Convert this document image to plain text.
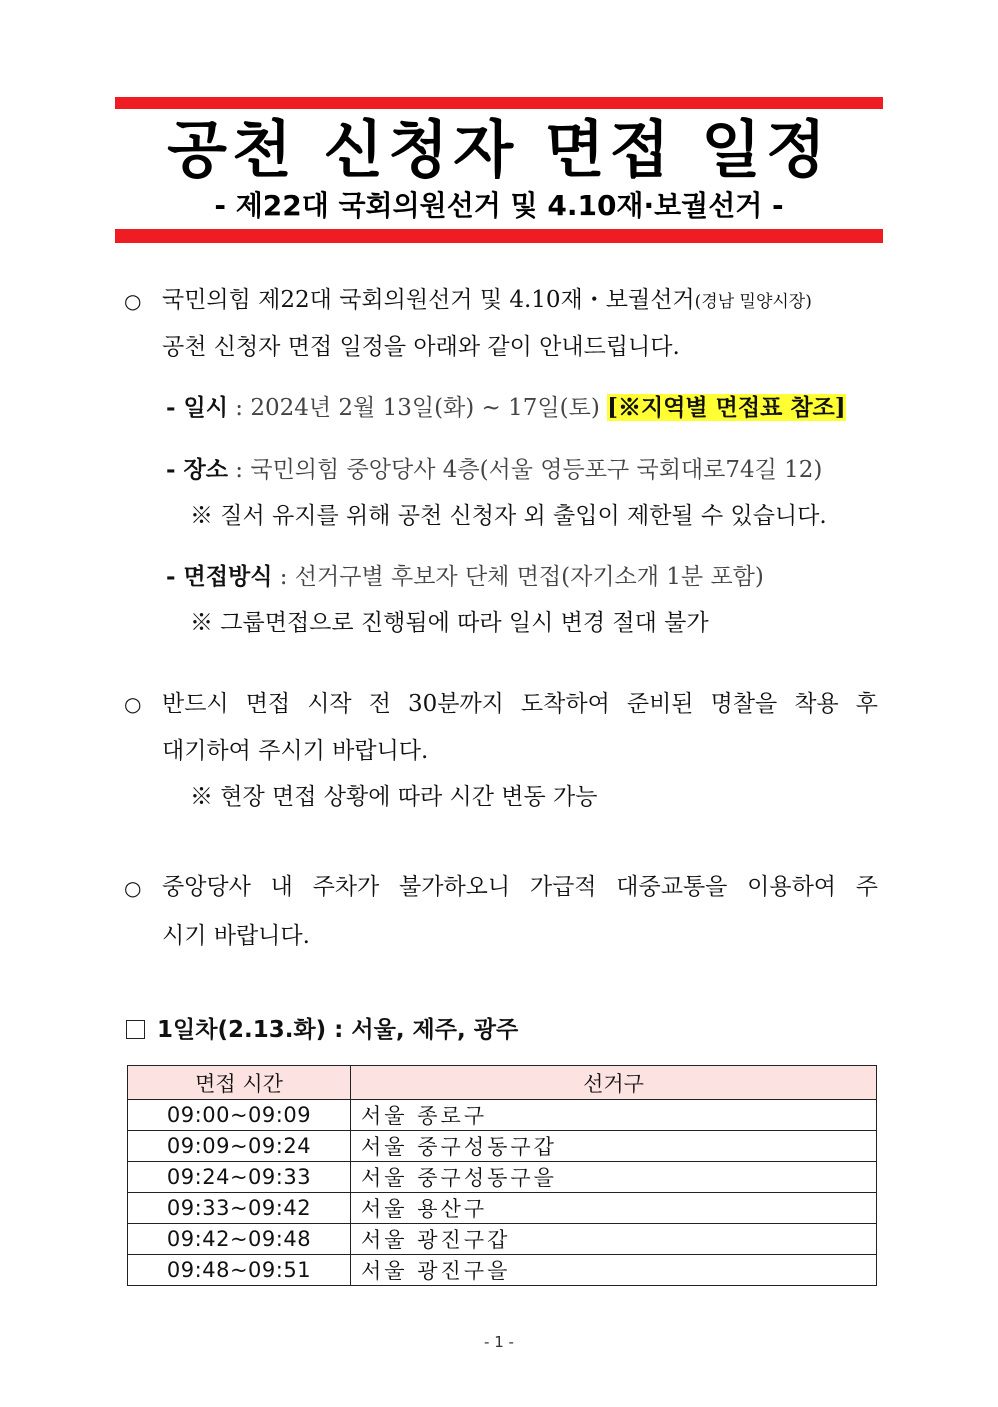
공천 신청자 면접 일정
- 제22대 국회의원선거 및 4.10재·보궐선거 -
○ 국민의힘 제22대 국회의원선거 및 4.10재・보궐선거(경남 밀양시장)
공천 신청자 면접 일정을 아래와 같이 안내드립니다.
- 일시 : 2024년 2월 13일(화) ~ 17일(토) [※지역별 면접표 참조]
- 장소 : 국민의힘 중앙당사 4층(서울 영등포구 국회대로74길 12)
※ 질서 유지를 위해 공천 신청자 외 출입이 제한될 수 있습니다.
- 면접방식 : 선거구별 후보자 단체 면접(자기소개 1분 포함)
※ 그룹면접으로 진행됨에 따라 일시 변경 절대 불가
○ 반드시 면접 시작 전 30분까지 도착하여 준비된 명찰을 착용 후
대기하여 주시기 바랍니다.
※ 현장 면접 상황에 따라 시간 변동 가능
○ 중앙당사 내 주차가 불가하오니 가급적 대중교통을 이용하여 주
시기 바랍니다.
1일차(2.13.화) : 서울, 제주, 광주
면접 시간	선거구
09:00~09:09	서울 종로구
09:09~09:24	서울 중구성동구갑
09:24~09:33	서울 중구성동구을
09:33~09:42	서울 용산구
09:42~09:48	서울 광진구갑
09:48~09:51	서울 광진구을
- 1 -
